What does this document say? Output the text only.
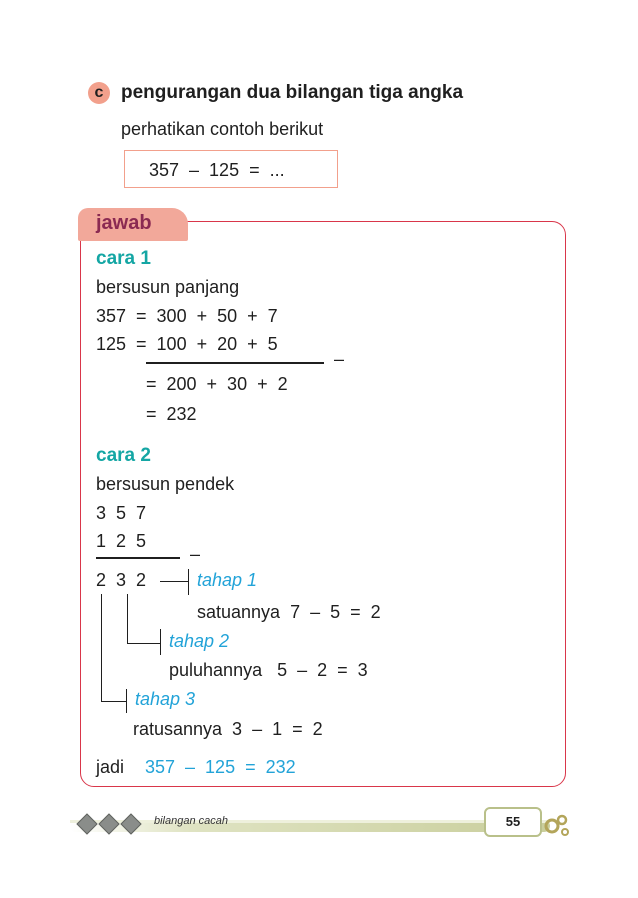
c pengurangan dua bilangan tiga angka
perhatikan contoh berikut
357  –  125  =  ...
jawab
cara 1
bersusun panjang
357  =  300  +  50  +  7
125  =  100  +  20  +  5
–
=  200  +  30  +  2
=  232
cara 2
bersusun pendek
3  5  7
1  2  5
–
2  3  2	tahap 1
satuannya  7  –  5  =  2
tahap 2
puluhannya   5  –  2  =  3
tahap 3
ratusannya  3  –  1  =  2
jadi 357  –  125  =  232
bilangan cacah	55
